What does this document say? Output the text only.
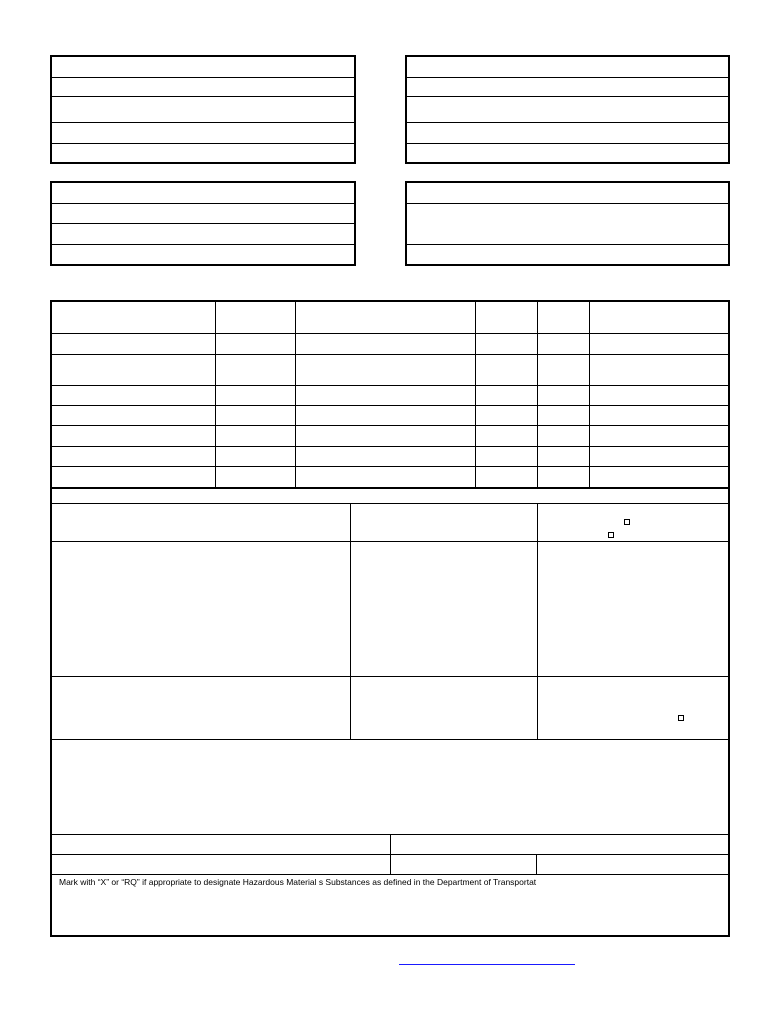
Mark with “X” or “RQ” if appropriate to designate Hazardous Material s Substances as defined in the Department of Transportat
